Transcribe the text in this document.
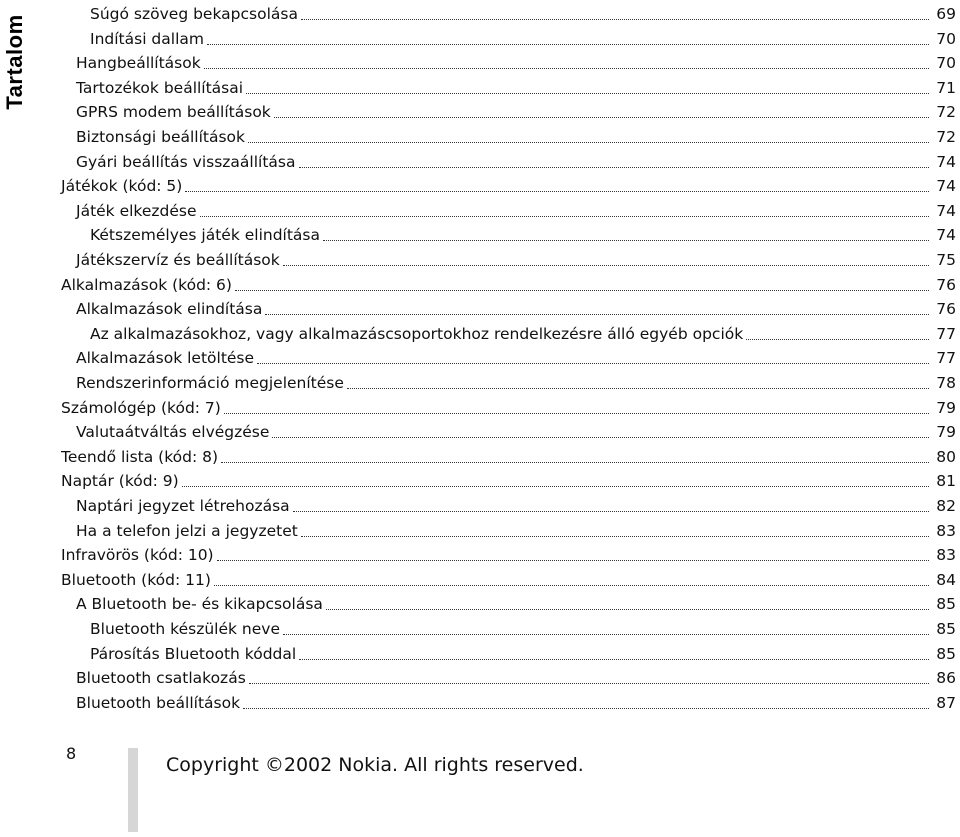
Tartalom
Súgó szöveg bekapcsolása	69
Indítási dallam	70
Hangbeállítások	70
Tartozékok beállításai	71
GPRS modem beállítások	72
Biztonsági beállítások	72
Gyári beállítás visszaállítása	74
Játékok (kód: 5)	74
Játék elkezdése	74
Kétszemélyes játék elindítása	74
Játékszervíz és beállítások	75
Alkalmazások (kód: 6)	76
Alkalmazások elindítása	76
Az alkalmazásokhoz, vagy alkalmazáscsoportokhoz rendelkezésre álló egyéb opciók	77
Alkalmazások letöltése	77
Rendszerinformáció megjelenítése	78
Számológép (kód: 7)	79
Valutaátváltás elvégzése	79
Teendő lista (kód: 8)	80
Naptár (kód: 9)	81
Naptári jegyzet létrehozása	82
Ha a telefon jelzi a jegyzetet	83
Infravörös (kód: 10)	83
Bluetooth (kód: 11)	84
A Bluetooth be- és kikapcsolása	85
Bluetooth készülék neve	85
Párosítás Bluetooth kóddal	85
Bluetooth csatlakozás	86
Bluetooth beállítások	87
8
Copyright ©2002 Nokia. All rights reserved.
